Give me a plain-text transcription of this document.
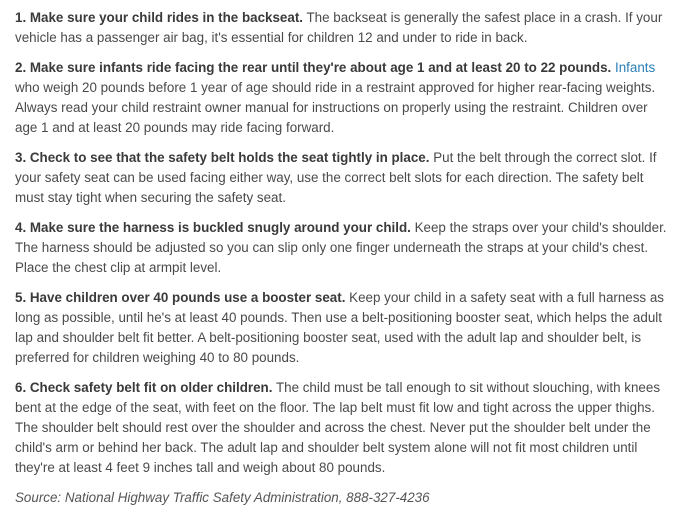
1. Make sure your child rides in the backseat. The backseat is generally the safest place in a crash. If your vehicle has a passenger air bag, it's essential for children 12 and under to ride in back.

2. Make sure infants ride facing the rear until they're about age 1 and at least 20 to 22 pounds. Infants who weigh 20 pounds before 1 year of age should ride in a restraint approved for higher rear-facing weights. Always read your child restraint owner manual for instructions on properly using the restraint. Children over age 1 and at least 20 pounds may ride facing forward.

3. Check to see that the safety belt holds the seat tightly in place. Put the belt through the correct slot. If your safety seat can be used facing either way, use the correct belt slots for each direction. The safety belt must stay tight when securing the safety seat.

4. Make sure the harness is buckled snugly around your child. Keep the straps over your child's shoulder. The harness should be adjusted so you can slip only one finger underneath the straps at your child's chest. Place the chest clip at armpit level.

5. Have children over 40 pounds use a booster seat. Keep your child in a safety seat with a full harness as long as possible, until he's at least 40 pounds. Then use a belt-positioning booster seat, which helps the adult lap and shoulder belt fit better. A belt-positioning booster seat, used with the adult lap and shoulder belt, is preferred for children weighing 40 to 80 pounds.

6. Check safety belt fit on older children. The child must be tall enough to sit without slouching, with knees bent at the edge of the seat, with feet on the floor. The lap belt must fit low and tight across the upper thighs. The shoulder belt should rest over the shoulder and across the chest. Never put the shoulder belt under the child's arm or behind her back. The adult lap and shoulder belt system alone will not fit most children until they're at least 4 feet 9 inches tall and weigh about 80 pounds.

Source: National Highway Traffic Safety Administration, 888-327-4236
